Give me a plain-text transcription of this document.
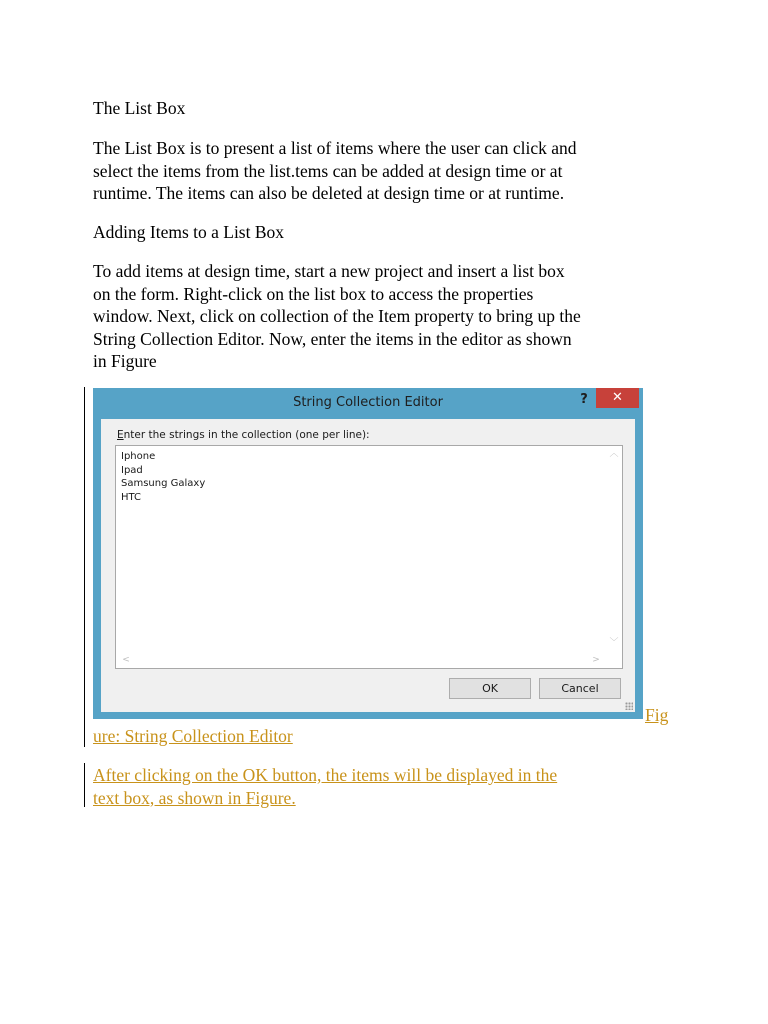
The List Box

The List Box is to present a list of items where the user can click and
select the items from the list.tems can be added at design time or at
runtime. The items can also be deleted at design time or at runtime.

Adding Items to a List Box

To add items at design time, start a new project and insert a list box
on the form. Right-click on the list box to access the properties
window. Next, click on collection of the Item property to bring up the
String Collection Editor. Now, enter the items in the editor as shown
in Figure

String Collection Editor	?	✕
Enter the strings in the collection (one per line):
Iphone
Ipad
Samsung Galaxy
HTC
︿
﹀
<	>
OK	Cancel
Fig
ure: String Collection Editor

After clicking on the OK button, the items will be displayed in the
text box, as shown in Figure.
